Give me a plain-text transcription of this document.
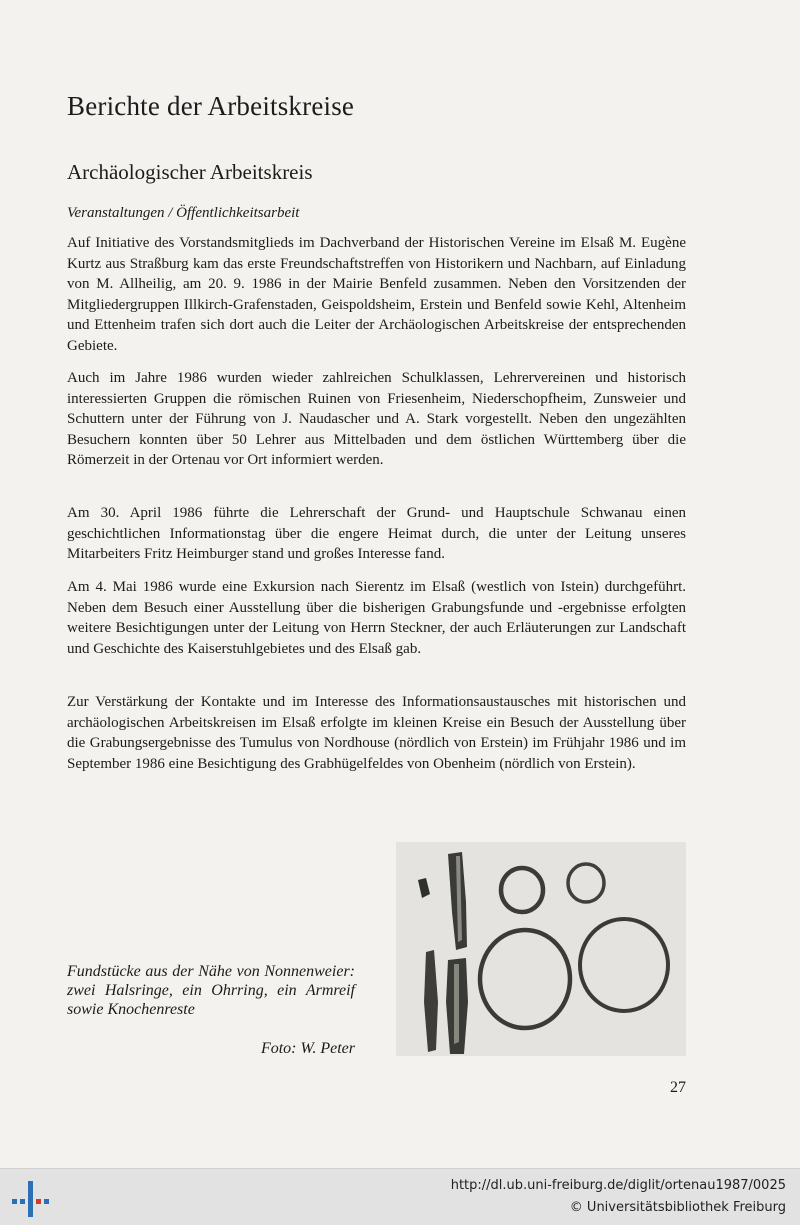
Berichte der Arbeitskreise
Archäologischer Arbeitskreis
Veranstaltungen / Öffentlichkeitsarbeit

Auf Initiative des Vorstandsmitglieds im Dachverband der Historischen Vereine im Elsaß M. Eugène Kurtz aus Straßburg kam das erste Freundschaftstreffen von Historikern und Nachbarn, auf Einladung von M. Allheilig, am 20. 9. 1986 in der Mairie Benfeld zusammen. Neben den Vorsitzenden der Mitgliedergruppen Illkirch-Grafenstaden, Geispoldsheim, Erstein und Benfeld sowie Kehl, Altenheim und Ettenheim trafen sich dort auch die Leiter der Archäologischen Arbeitskreise der entsprechenden Gebiete.

Auch im Jahre 1986 wurden wieder zahlreichen Schulklassen, Lehrervereinen und historisch interessierten Gruppen die römischen Ruinen von Friesenheim, Niederschopfheim, Zunsweier und Schuttern unter der Führung von J. Naudascher und A. Stark vorgestellt. Neben den ungezählten Besuchern konnten über 50 Lehrer aus Mittelbaden und dem östlichen Württemberg über die Römerzeit in der Ortenau vor Ort informiert werden.

Am 30. April 1986 führte die Lehrerschaft der Grund- und Hauptschule Schwanau einen geschichtlichen Informationstag über die engere Heimat durch, die unter der Leitung unseres Mitarbeiters Fritz Heimburger stand und großes Interesse fand.

Am 4. Mai 1986 wurde eine Exkursion nach Sierentz im Elsaß (westlich von Istein) durchgeführt. Neben dem Besuch einer Ausstellung über die bisherigen Grabungsfunde und -ergebnisse erfolgten weitere Besichtigungen unter der Leitung von Herrn Steckner, der auch Erläuterungen zur Landschaft und Geschichte des Kaiserstuhlgebietes und des Elsaß gab.

Zur Verstärkung der Kontakte und im Interesse des Informationsaustausches mit historischen und archäologischen Arbeitskreisen im Elsaß erfolgte im kleinen Kreise ein Besuch der Ausstellung über die Grabungsergebnisse des Tumulus von Nordhouse (nördlich von Erstein) im Frühjahr 1986 und im September 1986 eine Besichtigung des Grabhügelfeldes von Obenheim (nördlich von Erstein).

Fundstücke aus der Nähe von Nonnenweier: zwei Halsringe, ein Ohrring, ein Armreif sowie Knochenreste
Foto: W. Peter
27
http://dl.ub.uni-freiburg.de/diglit/ortenau1987/0025
© Universitätsbibliothek Freiburg
